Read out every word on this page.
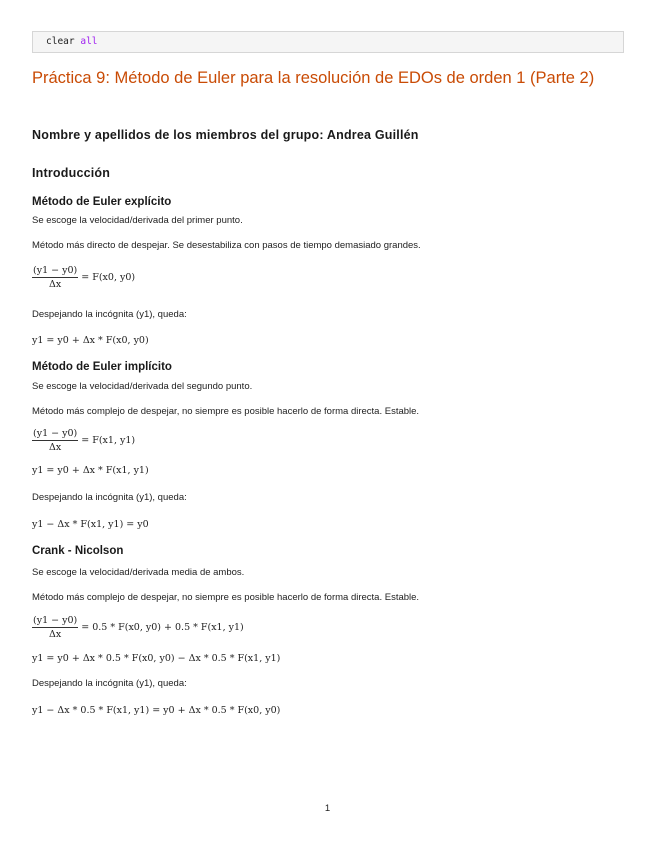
clear all
Práctica 9: Método de Euler para la resolución de EDOs de orden 1 (Parte 2)
Nombre y apellidos de los miembros del grupo: Andrea Guillén
Introducción
Método de Euler explícito
Se escoge la velocidad/derivada del primer punto.
Método más directo de despejar. Se desestabiliza con pasos de tiempo demasiado grandes.
$\frac{(y1 - y0)}{\Delta x} = F(x0$, y0)
Despejando la incógnita (y1), queda:
y1 = y0 + Δx * F(x0, y0)
Método de Euler implícito
Se escoge la velocidad/derivada del segundo punto.
Método más complejo de despejar, no siempre es posible hacerlo de forma directa. Estable.
$\frac{(y1 - y0)}{\Delta x} = F(x1$, y1)
y1 = y0 + Δx * F(x1, y1)
Despejando la incógnita (y1), queda:
y1 − Δx * F(x1, y1) = y0
Crank - Nicolson
Se escoge la velocidad/derivada media de ambos.
Método más complejo de despejar, no siempre es posible hacerlo de forma directa. Estable.
$\frac{(y1 - y0)}{\Delta x} = 0.5 * F(x0$, y0) + 0.5 * F(x1, y1)
y1 = y0 + Δx * 0.5 * F(x0, y0) − Δx * 0.5 * F(x1, y1)
Despejando la incógnita (y1), queda:
y1 − Δx * 0.5 * F(x1, y1) = y0 + Δx * 0.5 * F(x0, y0)
1
